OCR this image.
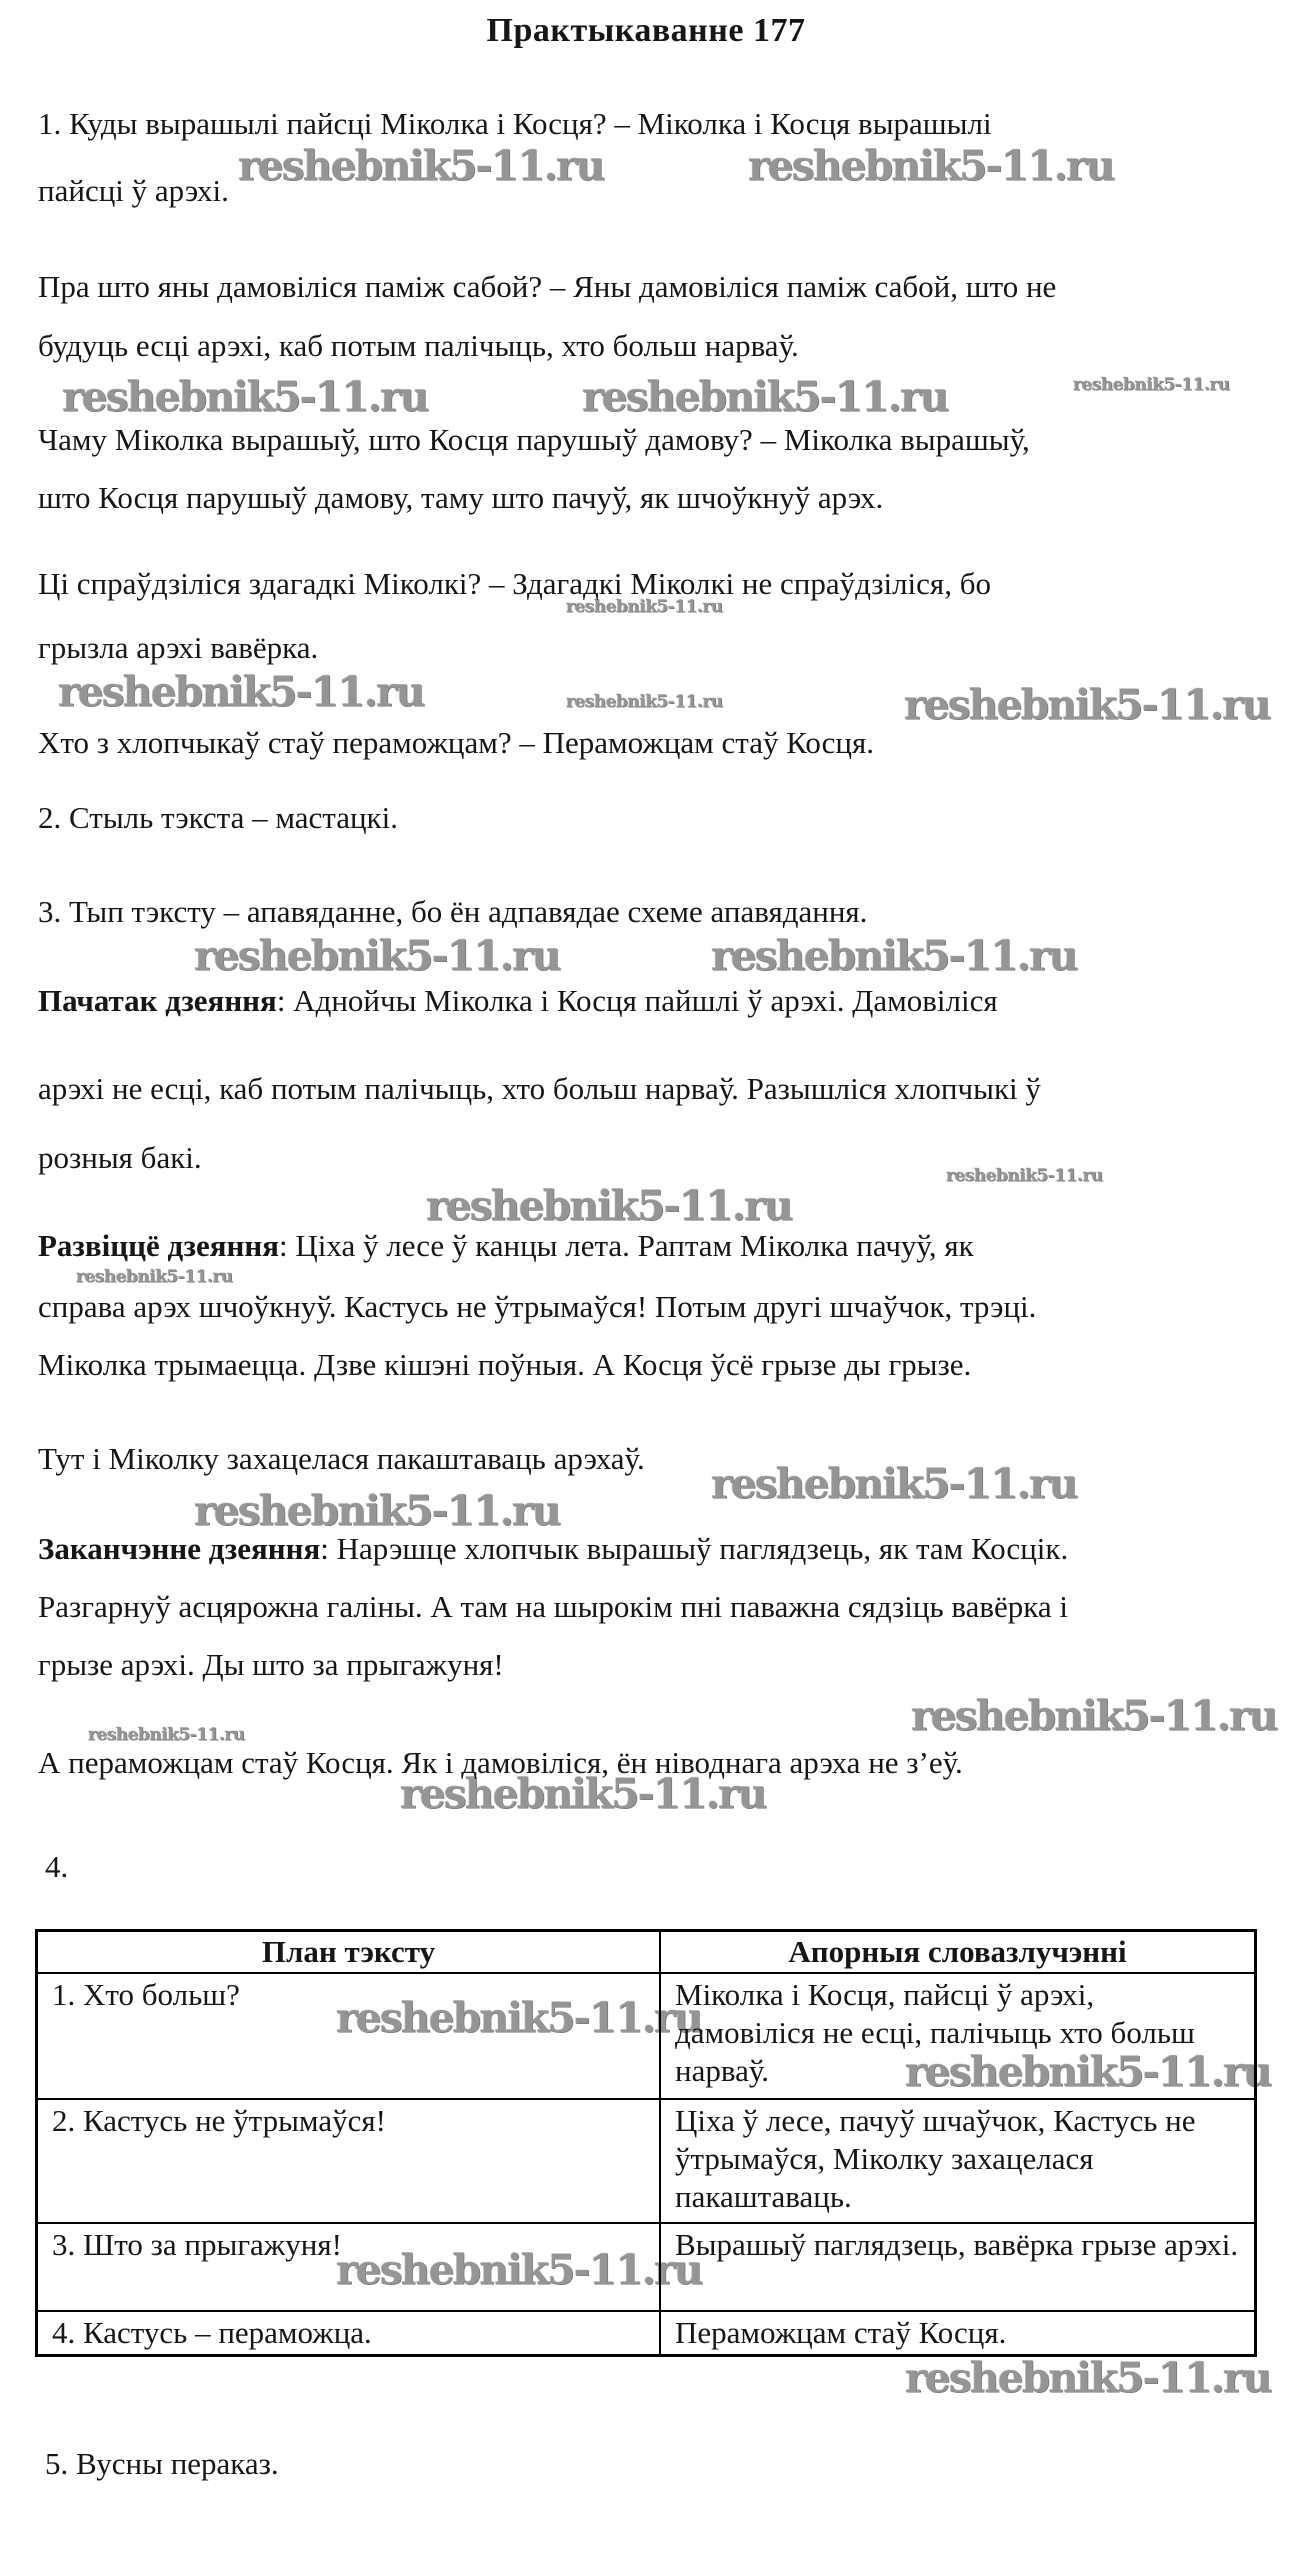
Практыкаванне 177
1. Куды вырашылі пайсці Міколка і Косця? – Міколка і Косця вырашылі
пайсці ў арэхі.
Пра што яны дамовіліся паміж сабой? – Яны дамовіліся паміж сабой, што не
будуць есці арэхі, каб потым палічыць, хто больш нарваў.
Чаму Міколка вырашыў, што Косця парушыў дамову? – Міколка вырашыў,
што Косця парушыў дамову, таму што пачуў, як шчоўкнуў арэх.
Ці спраўдзіліся здагадкі Міколкі? – Здагадкі Міколкі не спраўдзіліся, бо
грызла арэхі вавёрка.
Хто з хлопчыкаў стаў пераможцам? – Пераможцам стаў Косця.
2. Стыль тэкста – мастацкі.
3. Тып тэксту – апавяданне, бо ён адпавядае схеме апавядання.
Пачатак дзеяння: Аднойчы Міколка і Косця пайшлі ў арэхі. Дамовіліся
арэхі не есці, каб потым палічыць, хто больш нарваў. Разышліся хлопчыкі ў
розныя бакі.
Развіццё дзеяння: Ціха ў лесе ў канцы лета. Раптам Міколка пачуў, як
справа арэх шчоўкнуў. Кастусь не ўтрымаўся! Потым другі шчаўчок, трэці.
Міколка трымаецца. Дзве кішэні поўныя. А Косця ўсё грызе ды грызе.
Тут і Міколку захацелася пакаштаваць арэхаў.
Заканчэнне дзеяння: Нарэшце хлопчык вырашыў паглядзець, як там Косцік.
Разгарнуў асцярожна галіны. А там на шырокім пні паважна сядзіць вавёрка і
грызе арэхі. Ды што за прыгажуня!
А пераможцам стаў Косця. Як і дамовіліся, ён ніводнага арэха не з’еў.
4.
5. Вусны пераказ.
reshebnik5-11.ru	reshebnik5-11.ru
reshebnik5-11.ru	reshebnik5-11.ru
reshebnik5-11.ru	reshebnik5-11.ru
reshebnik5-11.ru	reshebnik5-11.ru
reshebnik5-11.ru
reshebnik5-11.ru
reshebnik5-11.ru
reshebnik5-11.ru
reshebnik5-11.ru
reshebnik5-11.ru
reshebnik5-11.ru
reshebnik5-11.ru
reshebnik5-11.ru
reshebnik5-11.ru
reshebnik5-11.ru
reshebnik5-11.ru
reshebnik5-11.ru
reshebnik5-11.ru
reshebnik5-11.ru
План тэксту	Апорныя словазлучэнні
1. Хто больш?	Міколка і Косця, пайсці ў арэхі, дамовіліся не есці, палічыць хто больш нарваў.
2. Кастусь не ўтрымаўся!	Ціха ў лесе, пачуў шчаўчок, Кастусь не ўтрымаўся, Міколку захацелася пакаштаваць.
3. Што за прыгажуня!	Вырашыў паглядзець, вавёрка грызе арэхі.
4. Кастусь – пераможца.	Пераможцам стаў Косця.
